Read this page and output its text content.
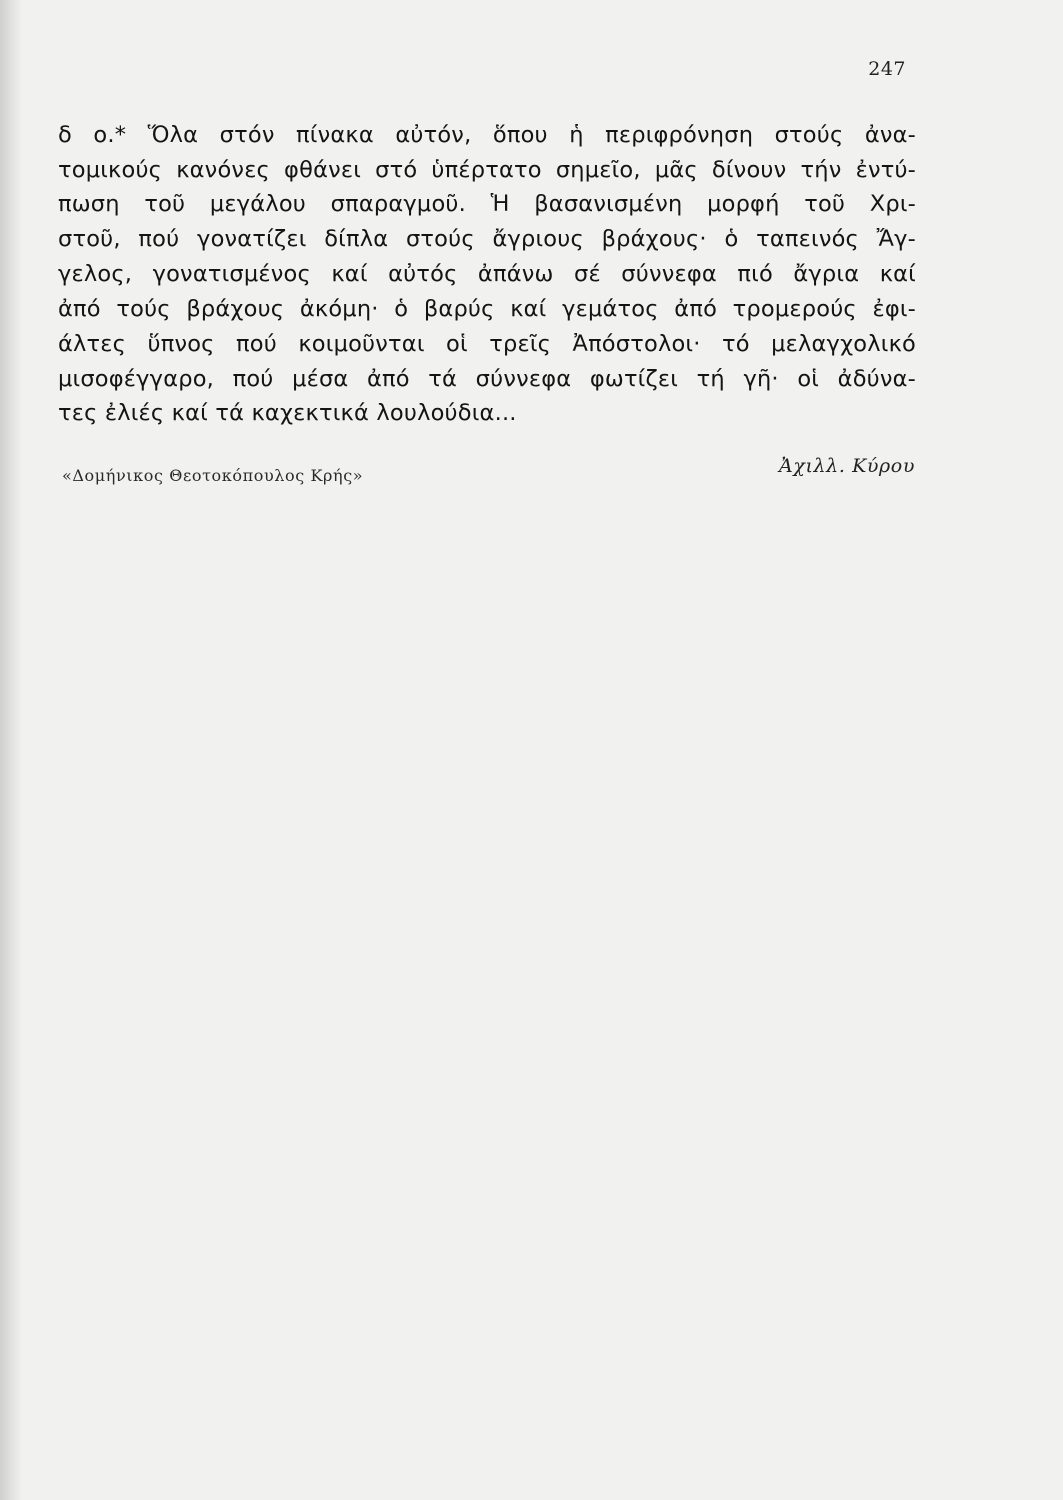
247
δ ο.* Ὅλα στόν πίνακα αὐτόν, ὅπου ἡ περιφρόνηση στούς ἀνα-
τομικούς κανόνες φθάνει στό ὑπέρτατο σημεῖο, μᾶς δίνουν τήν ἐντύ-
πωση τοῦ μεγάλου σπαραγμοῦ. Ἡ βασανισμένη μορφή τοῦ Χρι-
στοῦ, πού γονατίζει δίπλα στούς ἄγριους βράχους· ὁ ταπεινός Ἄγ-
γελος, γονατισμένος καί αὐτός ἀπάνω σέ σύννεφα πιό ἄγρια καί
ἀπό τούς βράχους ἀκόμη· ὁ βαρύς καί γεμάτος ἀπό τρομερούς ἐφι-
άλτες ὕπνος πού κοιμοῦνται οἱ τρεῖς Ἀπόστολοι· τό μελαγχολικό
μισοφέγγαρο, πού μέσα ἀπό τά σύννεφα φωτίζει τή γῆ· οἱ ἀδύνα-
τες ἐλιές καί τά καχεκτικά λουλούδια...
«Δομήνικος Θεοτοκόπουλος Κρής»	Ἀχιλλ. Κύρου
